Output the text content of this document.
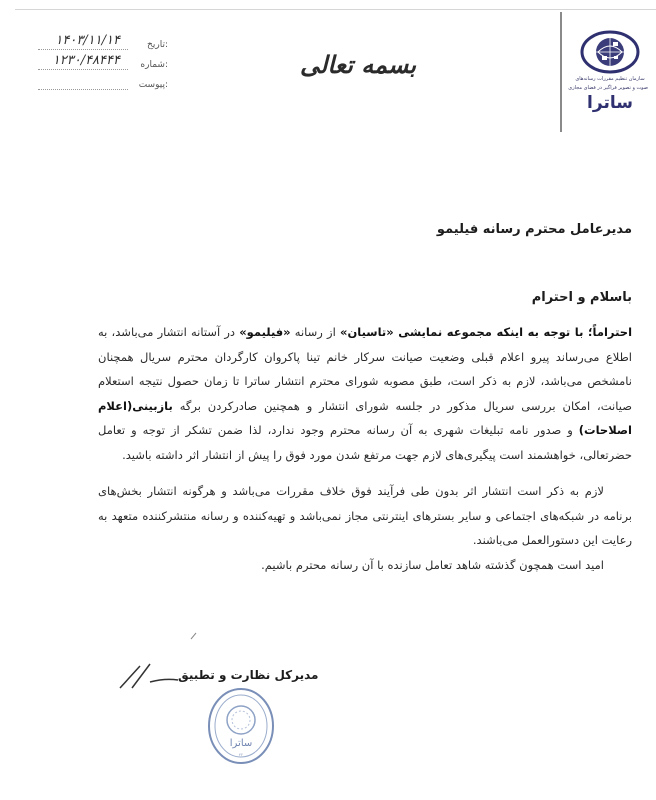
سازمان تنظیم مقررات رسانه‌های
صوت و تصویر فراگیر در فضای مجازی
ساترا
بسمه تعالی
:تاریخ
۱۴۰۳/۱۱/۱۴
:شماره
۱۲۳۰/۴۸۴۴۴
:پیوست
مدیرعامل محترم رسانه فیلیمو
باسلام و احترام

احتراماً؛ با توجه به اینکه مجموعه نمایشی «تاسیان» از رسانه «فیلیمو» در آستانه انتشار می‌باشد، به اطلاع می‌رساند پیرو اعلام قبلی وضعیت صیانت سرکار خانم تینا پاکروان کارگردان محترم سریال همچنان نامشخص می‌باشد، لازم به ذکر است، طبق مصوبه شورای محترم انتشار ساترا تا زمان حصول نتیجه استعلام صیانت، امکان بررسی سریال مذکور در جلسه شورای انتشار و همچنین صادرکردن برگه بازبینی(اعلام اصلاحات) و صدور نامه تبلیغات شهری به آن رسانه محترم وجود ندارد، لذا ضمن تشکر از توجه و تعامل حضرتعالی، خواهشمند است پیگیری‌های لازم جهت مرتفع شدن مورد فوق را پیش از انتشار اثر داشته باشید.

لازم به ذکر است انتشار اثر بدون طی فرآیند فوق خلاف مقررات می‌باشد و هرگونه انتشار بخش‌های برنامه در شبکه‌های اجتماعی و سایر بسترهای اینترنتی مجاز نمی‌باشد و تهیه‌کننده و رسانه منتشرکننده متعهد به رعایت این دستورالعمل می‌باشند.

امید است همچون گذشته شاهد تعامل سازنده با آن رسانه محترم باشیم.

مدیرکل نظارت و تطبیق
ساترا
۴۲
